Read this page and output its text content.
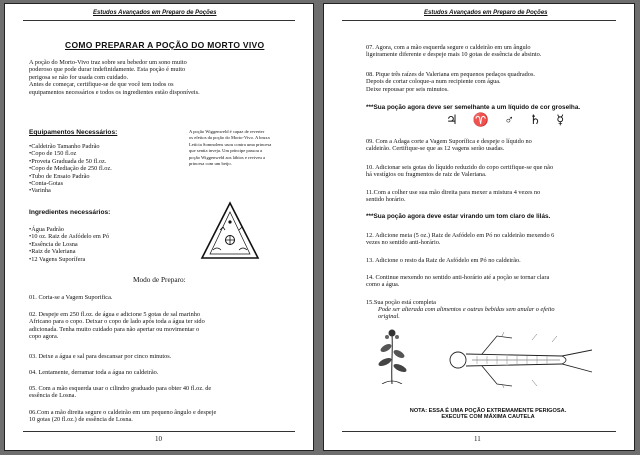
Estudos Avançados em Preparo de Poções
COMO PREPARAR A POÇÃO DO MORTO VIVO
A poção do Morto-Vivo traz sobre seu bebedor um sono muito
poderoso que pode durar indefinidamente. Esta poção é muito
perigosa se não for usada com cuidado.
Antes de começar, certifique-se de que você tem todos os
equipamentos necessários e todos os ingredientes estão disponíveis.
Equipamentos Necessários:
•Caldeirão Tamanho Padrão
•Copo de 150 fl.oz
•Proveta Graduada de 50 fl.oz.
•Copo de Mediação de 250 fl.oz.
•Tubo de Ensaio Padrão
•Conta-Gotas
•Varinha
A poção Wiggenweld é capaz de reverter
os efeitos da poção do Morto-Vivo. A bruxa
Letícia Somnolens usou contra uma princesa
que sentia inveja. Um príncipe passou a
poção Wiggenweld aos lábios e reviveu a
princesa com um beijo.
Ingredientes necessários:
•Água Padrão
•10 oz. Raiz de Asfódelo em Pó
•Essência de Losna
•Raiz de Valeriana
•12 Vagens Suporífera
Modo de Preparo:
01. Corta-se a Vagem Suporifica.
02. Despeje em 250 fl.oz. de água e adicione 5 gotas de sal marinho
Africano para o copo. Deixar o copo de lado após toda a água ter sido
adicionada. Tenha muito cuidado para não apertar ou movimentar o
copo agora.
03. Deixe a água e sal para descansar por cinco minutos.
04. Lentamente, derramar toda a água no caldeirão.
05. Com a mão esquerda usar o cilindro graduado para obter 40 fl.oz. de
essência de Losna.
06.Com a mão direita segure o caldeirão em um pequeno ângulo e despeje
10 gotas (20 fl.oz.) de essência de Losna.
10
Estudos Avançados em Preparo de Poções
07. Agora, com a mão esquerda segure o caldeirão em um ângulo
ligeiramente diferente e despeje mais 10 gotas de essência de absinto.
08. Pique três raízes de Valeriana em pequenos pedaços quadrados.
Depois de cortar coloque-a num recipiente com água.
Deixe repousar por seis minutos.
***Sua poção agora deve ser semelhante a um líquido de cor groselha.
♃ ♈ ♂ ♄ ☿
09. Com a Adaga corte a Vagem Suporífica e despeje o líquido no
caldeirão. Certifique-se que as 12 vagens serão usadas.
10. Adicionar seis gotas do líquido reduzido do copo certifique-se que não
há vestígios ou fragmentos de raiz de Valeriana.
11.Com a colher use sua mão direita para mexer a mistura 4 vezes no
sentido horário.
***Sua poção agora deve estar virando um tom claro de lilás.
12. Adicione meia (5 oz.) Raiz de Asfódelo em Pó no caldeirão mexendo 6
vezes no sentido anti-horário.
13. Adicione o resto da Raiz de Asfódelo em Pó no caldeirão.
14. Continue mexendo no sentido anti-horário até a poção se tornar clara
como a água.
15.Sua poção está completa
Pode ser alterada com alimentos e outras bebidas sem anular o efeito
original.
NOTA: ESSA É UMA POÇÃO EXTREMAMENTE PERIGOSA.
EXECUTE COM MÁXIMA CAUTELA
11
